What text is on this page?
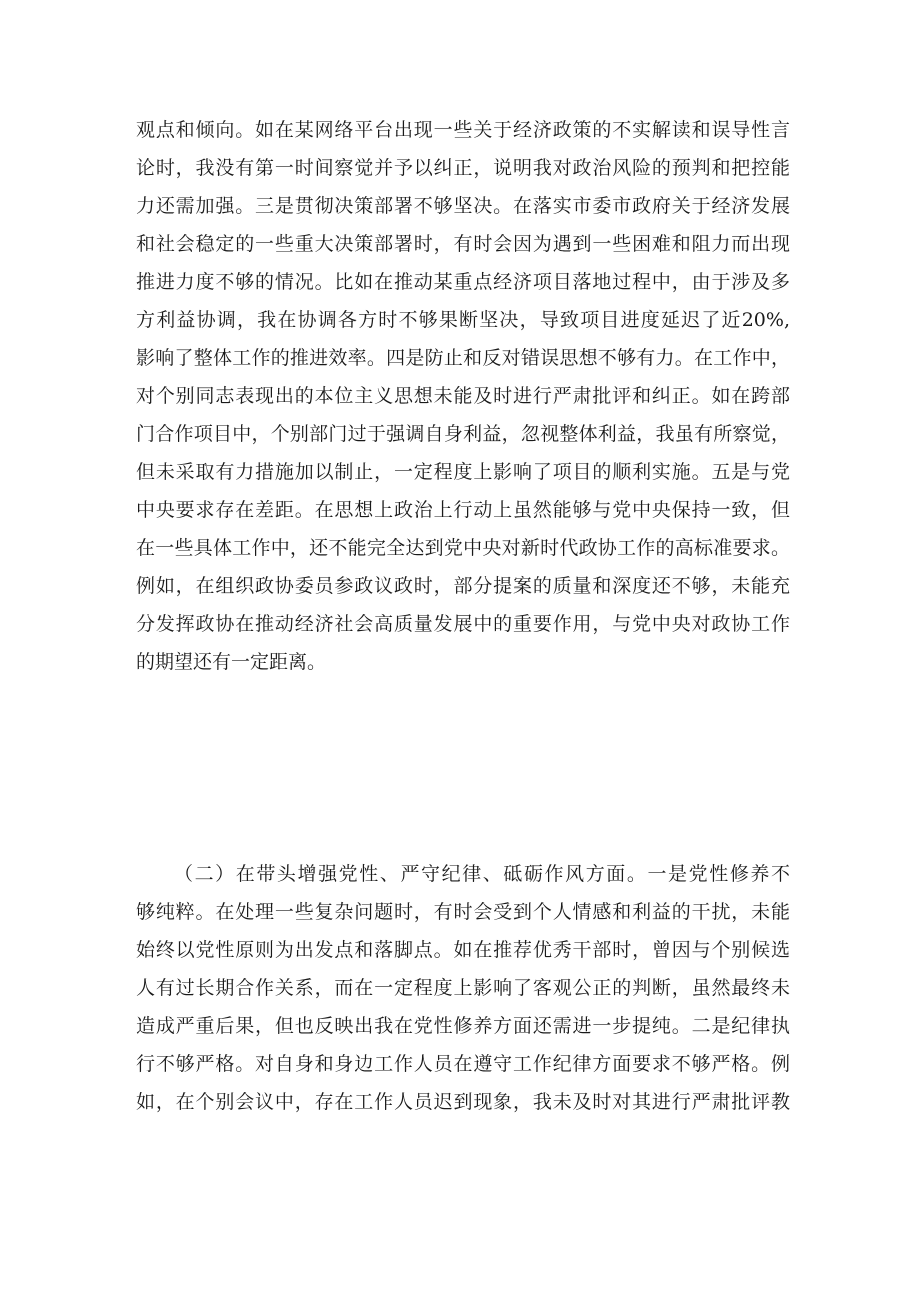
观点和倾向。如在某网络平台出现一些关于经济政策的不实解读和误导性言
论时，我没有第一时间察觉并予以纠正，说明我对政治风险的预判和把控能
力还需加强。三是贯彻决策部署不够坚决。在落实市委市政府关于经济发展
和社会稳定的一些重大决策部署时，有时会因为遇到一些困难和阻力而出现
推进力度不够的情况。比如在推动某重点经济项目落地过程中，由于涉及多
方利益协调，我在协调各方时不够果断坚决，导致项目进度延迟了近20%,
影响了整体工作的推进效率。四是防止和反对错误思想不够有力。在工作中，
对个别同志表现出的本位主义思想未能及时进行严肃批评和纠正。如在跨部
门合作项目中，个别部门过于强调自身利益，忽视整体利益，我虽有所察觉，
但未采取有力措施加以制止，一定程度上影响了项目的顺利实施。五是与党
中央要求存在差距。在思想上政治上行动上虽然能够与党中央保持一致，但
在一些具体工作中，还不能完全达到党中央对新时代政协工作的高标准要求。
例如，在组织政协委员参政议政时，部分提案的质量和深度还不够，未能充
分发挥政协在推动经济社会高质量发展中的重要作用，与党中央对政协工作
的期望还有一定距离。
（二）在带头增强党性、严守纪律、砥砺作风方面。一是党性修养不
够纯粹。在处理一些复杂问题时，有时会受到个人情感和利益的干扰，未能
始终以党性原则为出发点和落脚点。如在推荐优秀干部时，曾因与个别候选
人有过长期合作关系，而在一定程度上影响了客观公正的判断，虽然最终未
造成严重后果，但也反映出我在党性修养方面还需进一步提纯。二是纪律执
行不够严格。对自身和身边工作人员在遵守工作纪律方面要求不够严格。例
如，在个别会议中，存在工作人员迟到现象，我未及时对其进行严肃批评教
